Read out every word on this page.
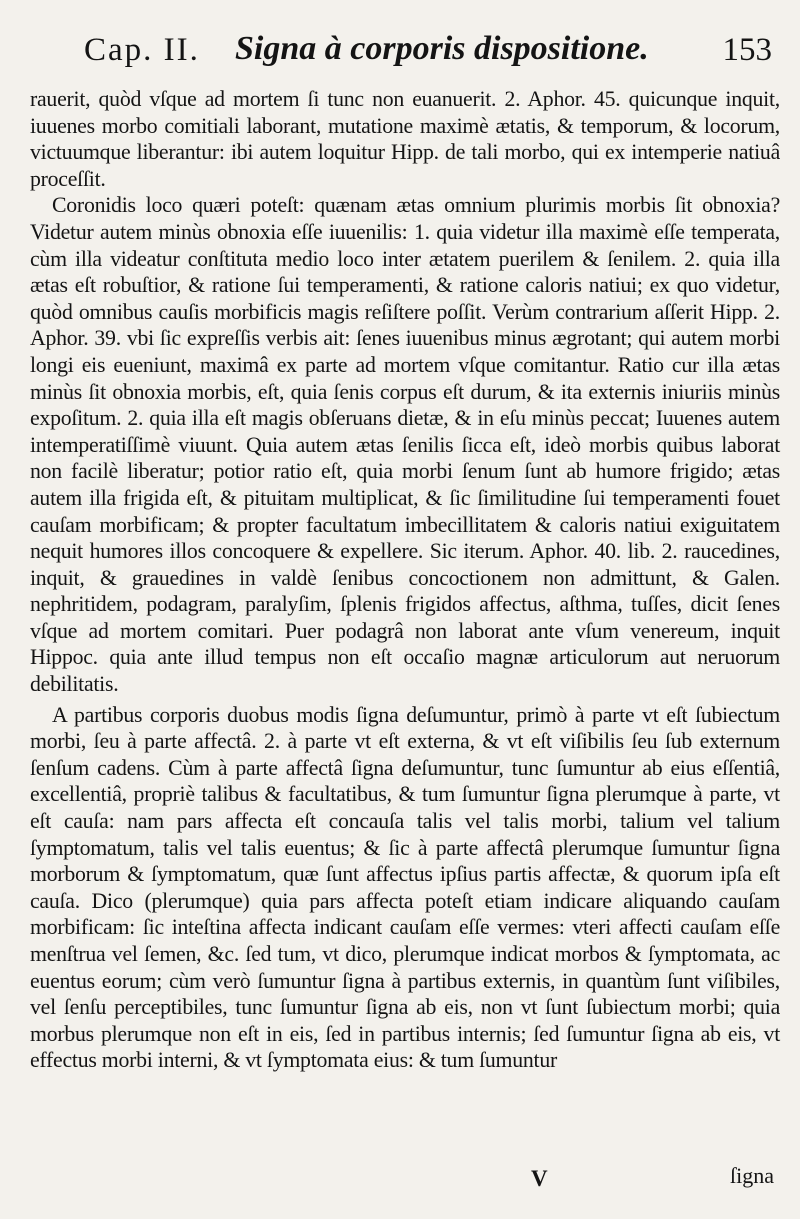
Cap. II. Signa à corporis dispositione. 153

rauerit, quòd vſque ad mortem ſi tunc non euanuerit. 2. Aphor. 45. quicunque inquit, iuuenes morbo comitiali laborant, mutatione maximè ætatis, & temporum, & locorum, victuumque liberantur: ibi autem loquitur Hipp. de tali morbo, qui ex intemperie natiuâ proceſſit.

Coronidis loco quæri poteſt: quænam ætas omnium plurimis morbis ſit obnoxia? Videtur autem minùs obnoxia eſſe iuuenilis: 1. quia videtur illa maximè eſſe temperata, cùm illa videatur conſtituta medio loco inter ætatem puerilem & ſenilem. 2. quia illa ætas eſt robuſtior, & ratione ſui temperamenti, & ratione caloris natiui; ex quo videtur, quòd omnibus cauſis morbificis magis reſiſtere poſſit. Verùm contrarium aſſerit Hipp. 2. Aphor. 39. vbi ſic expreſſis verbis ait: ſenes iuuenibus minus ægrotant; qui autem morbi longi eis eueniunt, maximâ ex parte ad mortem vſque comitantur. Ratio cur illa ætas minùs ſit obnoxia morbis, eſt, quia ſenis corpus eſt durum, & ita externis iniuriis minùs expoſitum. 2. quia illa eſt magis obſeruans dietæ, & in eſu minùs peccat; Iuuenes autem intemperatiſſimè viuunt. Quia autem ætas ſenilis ſicca eſt, ideò morbis quibus laborat non facilè liberatur; potior ratio eſt, quia morbi ſenum ſunt ab humore frigido; ætas autem illa frigida eſt, & pituitam multiplicat, & ſic ſimilitudine ſui temperamenti fouet cauſam morbificam; & propter facultatum imbecillitatem & caloris natiui exiguitatem nequit humores illos concoquere & expellere. Sic iterum. Aphor. 40. lib. 2. raucedines, inquit, & grauedines in valdè ſenibus concoctionem non admittunt, & Galen. nephritidem, podagram, paralyſim, ſplenis frigidos affectus, aſthma, tuſſes, dicit ſenes vſque ad mortem comitari. Puer podagrâ non laborat ante vſum venereum, inquit Hippoc. quia ante illud tempus non eſt occaſio magnæ articulorum aut neruorum debilitatis.

A partibus corporis duobus modis ſigna deſumuntur, primò à parte vt eſt ſubiectum morbi, ſeu à parte affectâ. 2. à parte vt eſt externa, & vt eſt viſibilis ſeu ſub externum ſenſum cadens. Cùm à parte affectâ ſigna deſumuntur, tunc ſumuntur ab eius eſſentiâ, excellentiâ, propriè talibus & facultatibus, & tum ſumuntur ſigna plerumque à parte, vt eſt cauſa: nam pars affecta eſt concauſa talis vel talis morbi, talium vel talium ſymptomatum, talis vel talis euentus; & ſic à parte affectâ plerumque ſumuntur ſigna morborum & ſymptomatum, quæ ſunt affectus ipſius partis affectæ, & quorum ipſa eſt cauſa. Dico (plerumque) quia pars affecta poteſt etiam indicare aliquando cauſam morbificam: ſic inteſtina affecta indicant cauſam eſſe vermes: vteri affecti cauſam eſſe menſtrua vel ſemen, &c. ſed tum, vt dico, plerumque indicat morbos & ſymptomata, ac euentus eorum; cùm verò ſumuntur ſigna à partibus externis, in quantùm ſunt viſibiles, vel ſenſu perceptibiles, tunc ſumuntur ſigna ab eis, non vt ſunt ſubiectum morbi; quia morbus plerumque non eſt in eis, ſed in partibus internis; ſed ſumuntur ſigna ab eis, vt effectus morbi interni, & vt ſymptomata eius: & tum ſumuntur

V	ſigna
